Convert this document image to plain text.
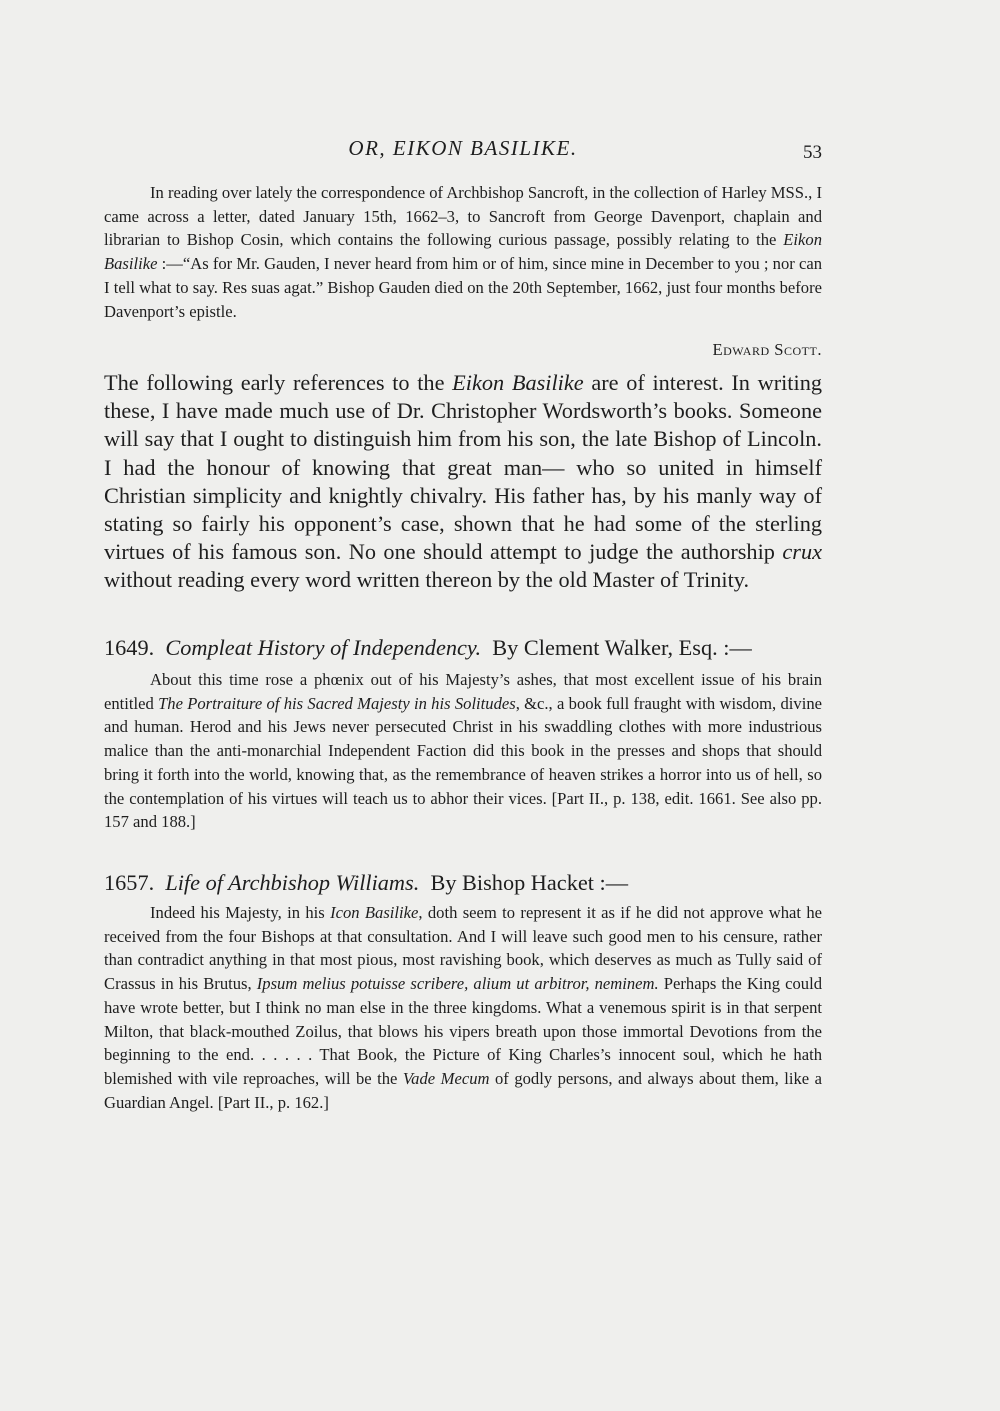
OR, EIKON BASILIKE.	53

In reading over lately the correspondence of Archbishop Sancroft, in the collection of Harley MSS., I came across a letter, dated January 15th, 1662–3, to Sancroft from George Davenport, chaplain and librarian to Bishop Cosin, which contains the following curious passage, possibly relating to the Eikon Basilike :—“As for Mr. Gauden, I never heard from him or of him, since mine in December to you ; nor can I tell what to say. Res suas agat.” Bishop Gauden died on the 20th September, 1662, just four months before Davenport’s epistle.

Edward Scott.

The following early references to the Eikon Basilike are of interest. In writing these, I have made much use of Dr. Christopher Wordsworth’s books. Someone will say that I ought to distinguish him from his son, the late Bishop of Lincoln. I had the honour of knowing that great man— who so united in himself Christian simplicity and knightly chivalry. His father has, by his manly way of stating so fairly his opponent’s case, shown that he had some of the sterling virtues of his famous son. No one should attempt to judge the authorship crux without reading every word written thereon by the old Master of Trinity.

1649. Compleat History of Independency. By Clement Walker, Esq. :—

About this time rose a phœnix out of his Majesty’s ashes, that most excellent issue of his brain entitled The Portraiture of his Sacred Majesty in his Solitudes, &c., a book full fraught with wisdom, divine and human. Herod and his Jews never persecuted Christ in his swaddling clothes with more industrious malice than the anti-monarchial Independent Faction did this book in the presses and shops that should bring it forth into the world, knowing that, as the remembrance of heaven strikes a horror into us of hell, so the contemplation of his virtues will teach us to abhor their vices. [Part II., p. 138, edit. 1661. See also pp. 157 and 188.]

1657. Life of Archbishop Williams. By Bishop Hacket :—

Indeed his Majesty, in his Icon Basilike, doth seem to represent it as if he did not approve what he received from the four Bishops at that consultation. And I will leave such good men to his censure, rather than contradict anything in that most pious, most ravishing book, which deserves as much as Tully said of Crassus in his Brutus, Ipsum melius potuisse scribere, alium ut arbitror, neminem. Perhaps the King could have wrote better, but I think no man else in the three kingdoms. What a venemous spirit is in that serpent Milton, that black-mouthed Zoilus, that blows his vipers breath upon those immortal Devotions from the beginning to the end. . . . . . That Book, the Picture of King Charles’s innocent soul, which he hath blemished with vile reproaches, will be the Vade Mecum of godly persons, and always about them, like a Guardian Angel. [Part II., p. 162.]
